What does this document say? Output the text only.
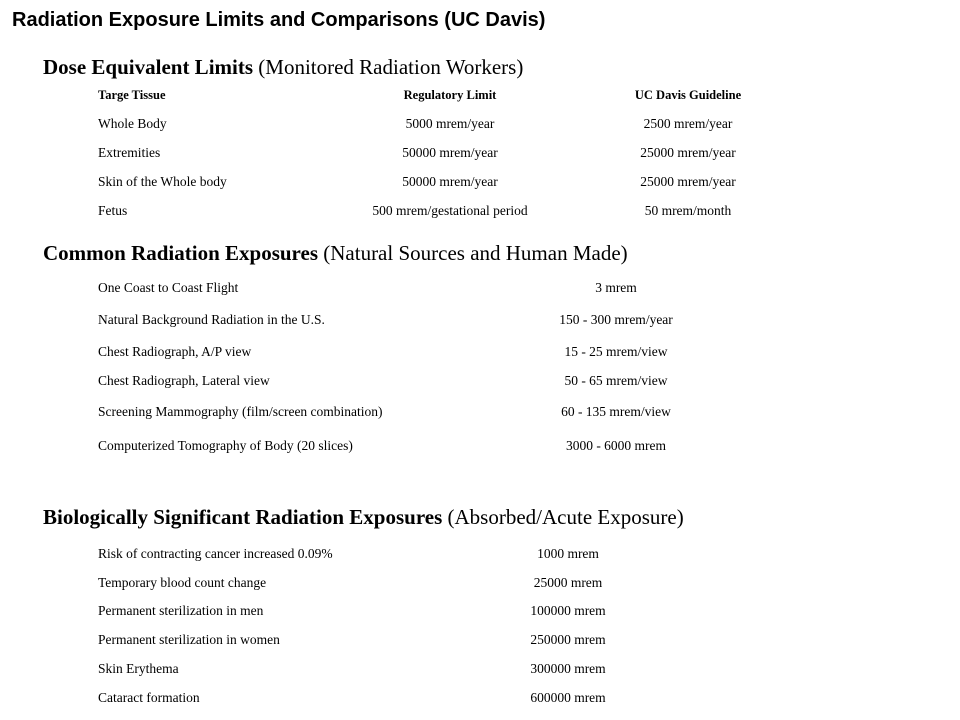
Radiation Exposure Limits and Comparisons (UC Davis)
Dose Equivalent Limits (Monitored Radiation Workers)
Targe Tissue	Regulatory Limit	UC Davis Guideline
Whole Body	5000 mrem/year	2500 mrem/year
Extremities	50000 mrem/year	25000 mrem/year
Skin of the Whole body	50000 mrem/year	25000 mrem/year
Fetus	500 mrem/gestational period	50 mrem/month
Common Radiation Exposures (Natural Sources and Human Made)
One Coast to Coast Flight	3 mrem
Natural Background Radiation in the U.S.	150 - 300 mrem/year
Chest Radiograph, A/P view	15 - 25 mrem/view
Chest Radiograph, Lateral view	50 - 65 mrem/view
Screening Mammography (film/screen combination)	60 - 135 mrem/view
Computerized Tomography of Body (20 slices)	3000 - 6000 mrem
Biologically Significant Radiation Exposures (Absorbed/Acute Exposure)
Risk of contracting cancer increased 0.09%	1000 mrem
Temporary blood count change	25000 mrem
Permanent sterilization in men	100000 mrem
Permanent sterilization in women	250000 mrem
Skin Erythema	300000 mrem
Cataract formation	600000 mrem
